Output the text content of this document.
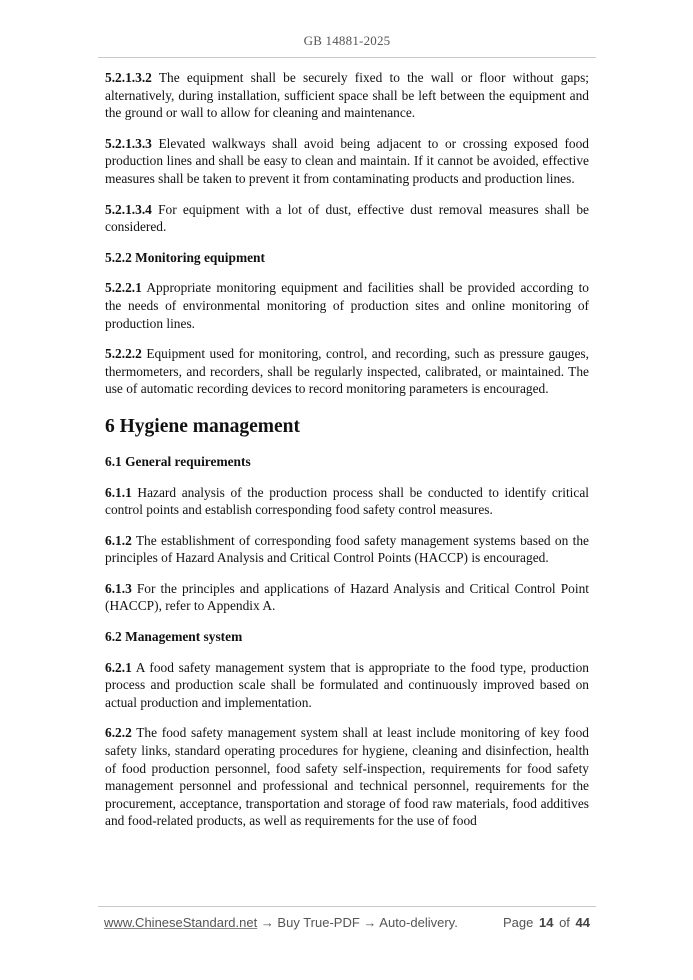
GB 14881-2025
5.2.1.3.2 The equipment shall be securely fixed to the wall or floor without gaps; alternatively, during installation, sufficient space shall be left between the equipment and the ground or wall to allow for cleaning and maintenance.
5.2.1.3.3 Elevated walkways shall avoid being adjacent to or crossing exposed food production lines and shall be easy to clean and maintain. If it cannot be avoided, effective measures shall be taken to prevent it from contaminating products and production lines.
5.2.1.3.4 For equipment with a lot of dust, effective dust removal measures shall be considered.
5.2.2 Monitoring equipment
5.2.2.1 Appropriate monitoring equipment and facilities shall be provided according to the needs of environmental monitoring of production sites and online monitoring of production lines.
5.2.2.2 Equipment used for monitoring, control, and recording, such as pressure gauges, thermometers, and recorders, shall be regularly inspected, calibrated, or maintained. The use of automatic recording devices to record monitoring parameters is encouraged.
6 Hygiene management
6.1 General requirements
6.1.1 Hazard analysis of the production process shall be conducted to identify critical control points and establish corresponding food safety control measures.
6.1.2 The establishment of corresponding food safety management systems based on the principles of Hazard Analysis and Critical Control Points (HACCP) is encouraged.
6.1.3 For the principles and applications of Hazard Analysis and Critical Control Point (HACCP), refer to Appendix A.
6.2 Management system
6.2.1 A food safety management system that is appropriate to the food type, production process and production scale shall be formulated and continuously improved based on actual production and implementation.
6.2.2 The food safety management system shall at least include monitoring of key food safety links, standard operating procedures for hygiene, cleaning and disinfection, health of food production personnel, food safety self-inspection, requirements for food safety management personnel and professional and technical personnel, requirements for the procurement, acceptance, transportation and storage of food raw materials, food additives and food-related products, as well as requirements for the use of food
www.ChineseStandard.net → Buy True-PDF → Auto-delivery.	Page 14 of 44
